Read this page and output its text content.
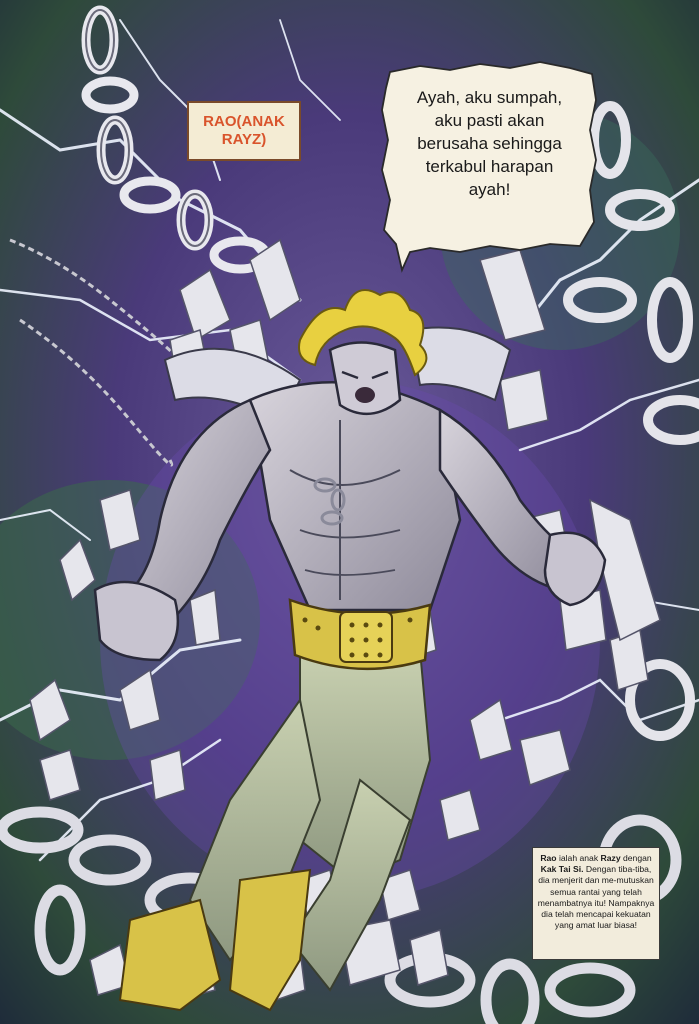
RAO(ANAK
RAYZ)
Ayah, aku sumpah,
aku pasti akan
berusaha sehingga
terkabul harapan
ayah!
Rao ialah anak Razy dengan Kak Tai Si. Dengan tiba-tiba, dia menjerit dan me-mutuskan semua rantai yang telah menambatnya itu! Nampaknya dia telah mencapai kekuatan yang amat luar biasa!
